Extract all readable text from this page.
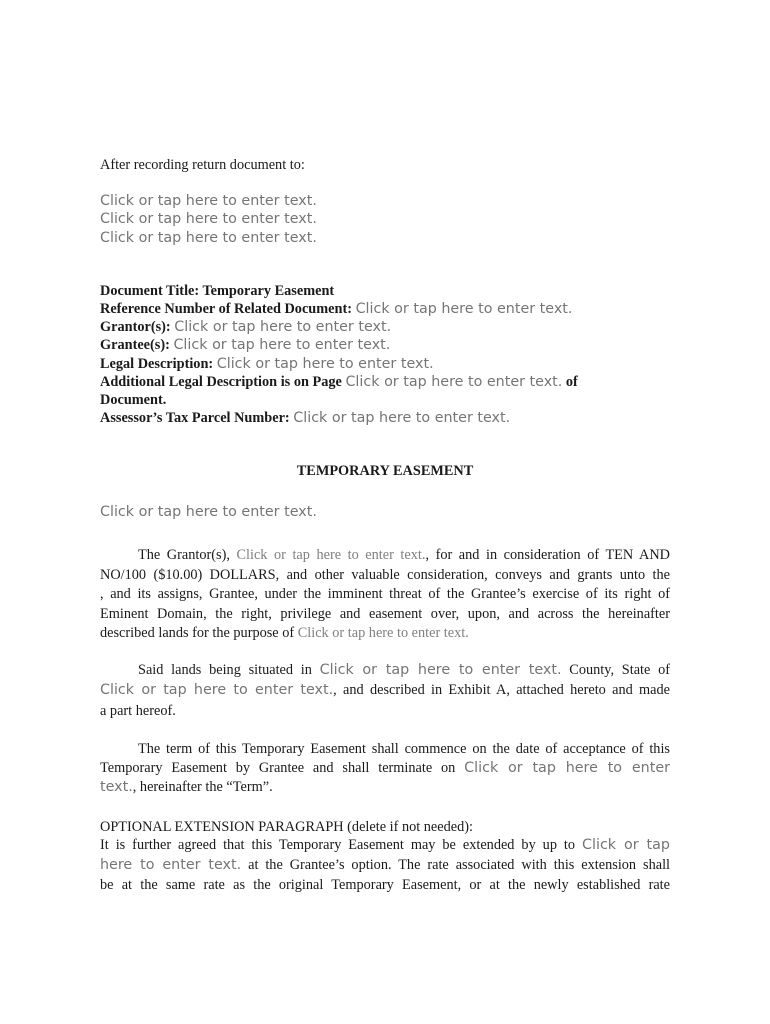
After recording return document to:
Click or tap here to enter text.
Click or tap here to enter text.
Click or tap here to enter text.
Document Title: Temporary Easement
Reference Number of Related Document: Click or tap here to enter text.
Grantor(s): Click or tap here to enter text.
Grantee(s): Click or tap here to enter text.
Legal Description: Click or tap here to enter text.
Additional Legal Description is on Page Click or tap here to enter text. of
Document.
Assessor’s Tax Parcel Number: Click or tap here to enter text.
TEMPORARY EASEMENT
Click or tap here to enter text.
The Grantor(s), Click or tap here to enter text., for and in consideration of TEN AND
NO/100 ($10.00) DOLLARS, and other valuable consideration, conveys and grants unto the
, and its assigns, Grantee, under the imminent threat of the Grantee’s exercise of its right of
Eminent Domain, the right, privilege and easement over, upon, and across the hereinafter
described lands for the purpose of Click or tap here to enter text.
Said lands being situated in Click or tap here to enter text. County, State of
Click or tap here to enter text., and described in Exhibit A, attached hereto and made
a part hereof.
The term of this Temporary Easement shall commence on the date of acceptance of this
Temporary Easement by Grantee and shall terminate on Click or tap here to enter
text., hereinafter the “Term”.
OPTIONAL EXTENSION PARAGRAPH (delete if not needed):
It is further agreed that this Temporary Easement may be extended by up to Click or tap
here to enter text. at the Grantee’s option. The rate associated with this extension shall
be at the same rate as the original Temporary Easement, or at the newly established rate
